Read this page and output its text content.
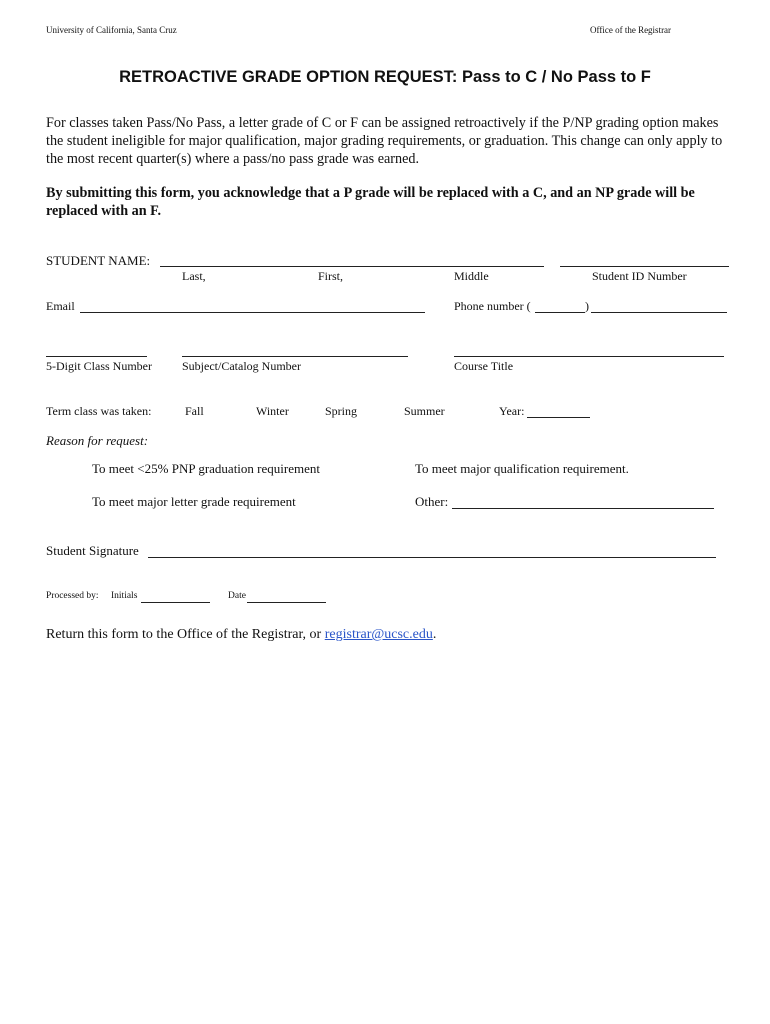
University of California, Santa Cruz	Office of the Registrar
RETROACTIVE GRADE OPTION REQUEST: Pass to C / No Pass to F
For classes taken Pass/No Pass, a letter grade of C or F can be assigned retroactively if the P/NP grading option makes the student ineligible for major qualification, major grading requirements, or graduation. This change can only apply to the most recent quarter(s) where a pass/no pass grade was earned.
By submitting this form, you acknowledge that a P grade will be replaced with a C, and an NP grade will be replaced with an F.
STUDENT NAME:
Last,	First,	Middle	Student ID Number
Email	Phone number (	)
5-Digit Class Number	Subject/Catalog Number	Course Title
Term class was taken:	Fall	Winter	Spring	Summer	Year:
Reason for request:
To meet <25% PNP graduation requirement	To meet major qualification requirement.
To meet major letter grade requirement	Other:
Student Signature
Processed by: Initials	Date
Return this form to the Office of the Registrar, or registrar@ucsc.edu.
